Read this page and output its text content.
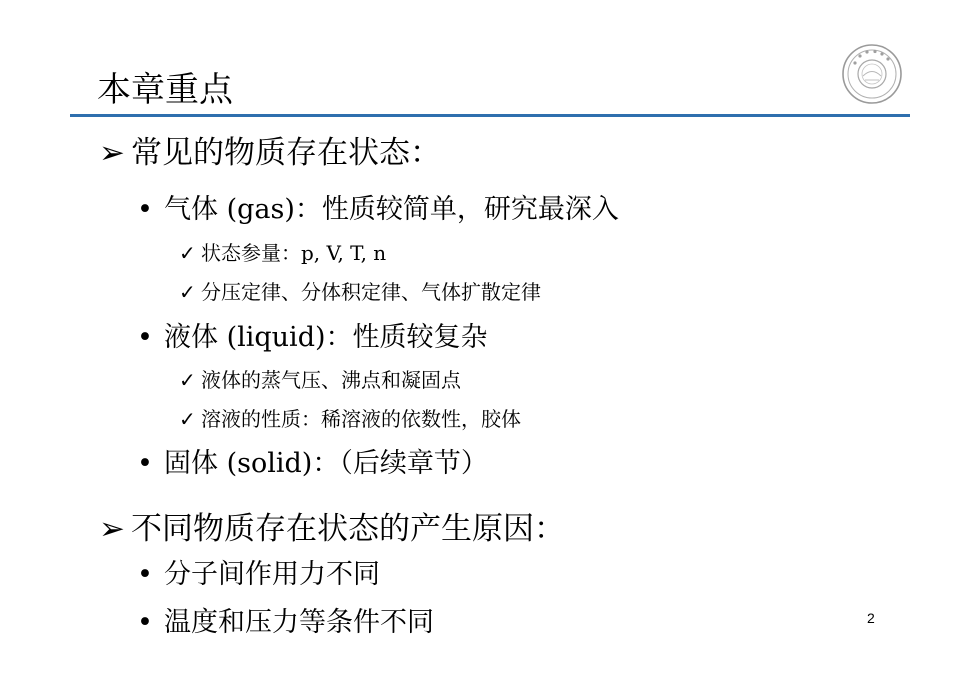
本章重点
➢ 常见的物质存在状态：
• 气体 (gas)：性质较简单，研究最深入
✓ 状态参量：p, V, T, n
✓ 分压定律、分体积定律、气体扩散定律
• 液体 (liquid)：性质较复杂
✓ 液体的蒸气压、沸点和凝固点
✓ 溶液的性质：稀溶液的依数性，胶体
• 固体 (solid)：（后续章节）
➢ 不同物质存在状态的产生原因：
• 分子间作用力不同
• 温度和压力等条件不同	2
